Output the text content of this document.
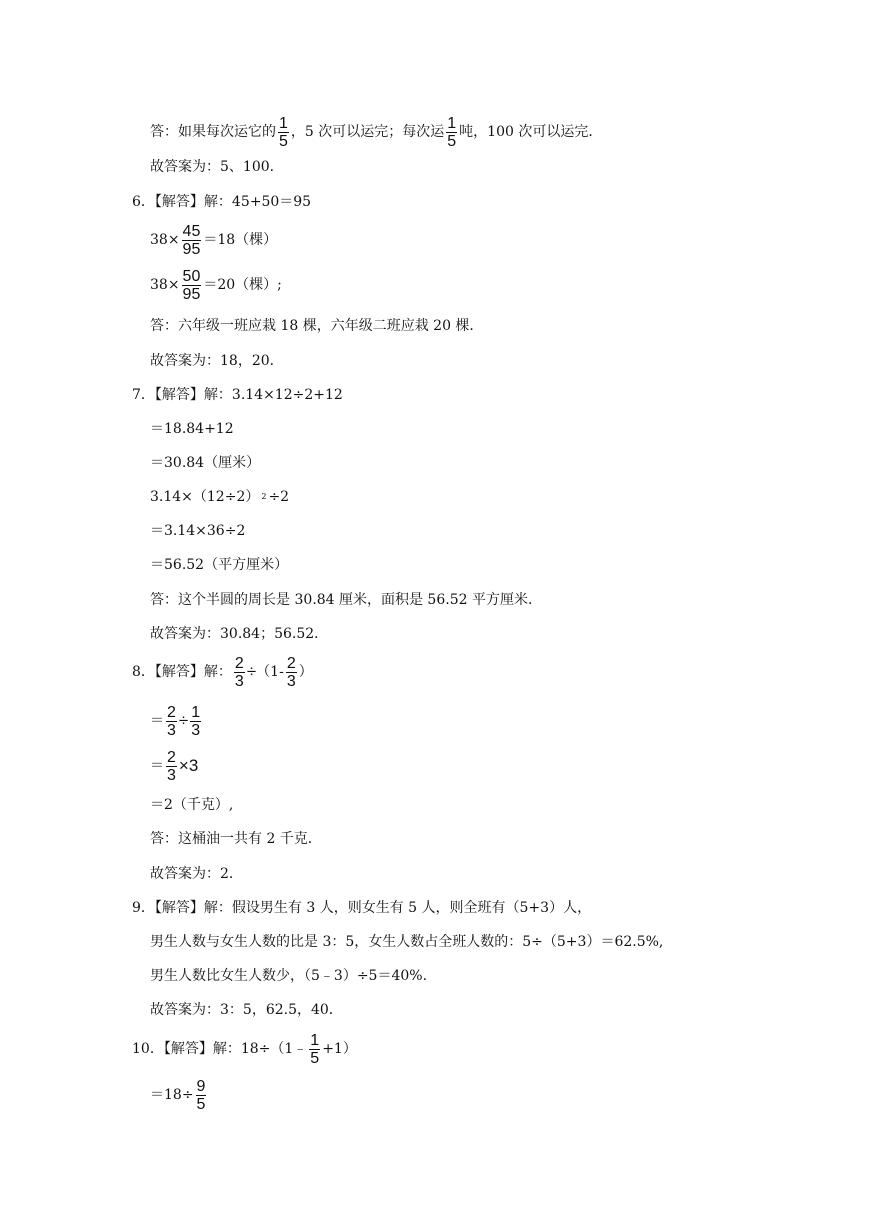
答：如果每次运它的 $\frac{1}{5}$ ，5 次可以运完；每次运 $\frac{1}{5}$ 吨，100 次可以运完．
故答案为：5、100．
6．【解答】解：45+50＝95
$38\times \frac{45}{95} =18$（棵）
$38\times \frac{50}{95} =20$（棵）;
答：六年级一班应栽 18 棵，六年级二班应栽 20 棵．
故答案为：18，20．
7．【解答】解：3.14×12÷2+12
＝18.84+12
＝30.84（厘米）
3.14×（12÷2） 2 ÷2
＝3.14×36÷2
＝56.52（平方厘米）
答：这个半圆的周长是 30.84 厘米，面积是 56.52 平方厘米．
故答案为：30.84；56.52．
8．【解答】解： $\frac{2}{3} \div (1 - \frac{2}{3}$ ）
＝ $\frac{2}{3} \div \frac{1}{3}$
＝ $\frac{2}{3} \times 3$
＝2（千克）,
答：这桶油一共有 2 千克．
故答案为：2．
9．【解答】解：假设男生有 3 人，则女生有 5 人，则全班有（5+3）人，
男生人数与女生人数的比是 3：5，女生人数占全班人数的：5÷（5+3）＝62.5%,
男生人数比女生人数少，（5﹣3）÷5＝40%.
故答案为：3：5，62.5，40．
10．【解答】解：18÷（1﹣ $\frac{1}{5} +1$）
$=18\div \frac{9}{5}$
